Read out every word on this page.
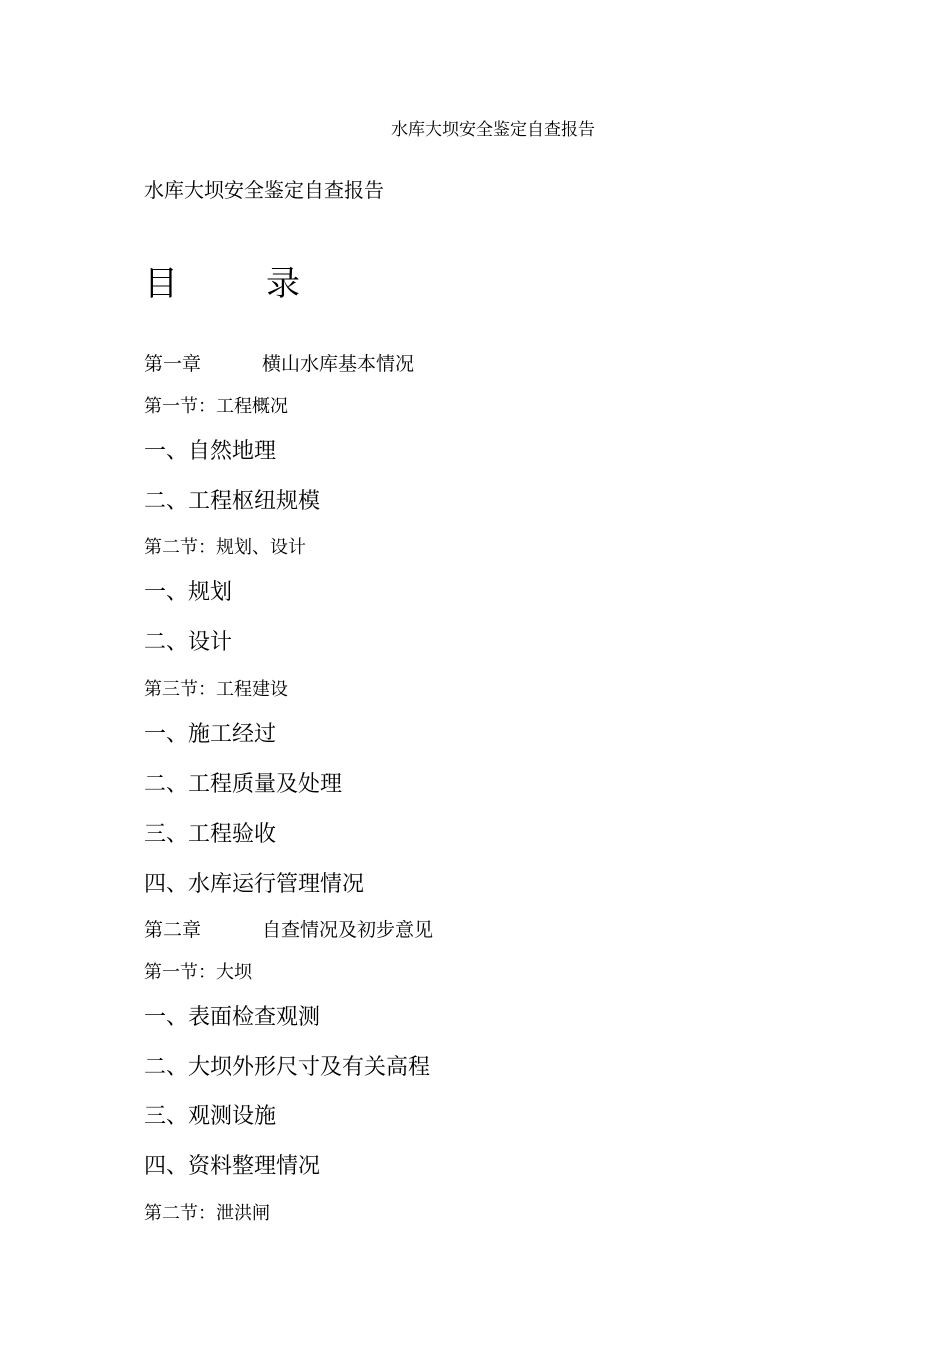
水库大坝安全鉴定自查报告
水库大坝安全鉴定自查报告
目	录
第一章	横山水库基本情况
第一节：工程概况
一、自然地理
二、工程枢纽规模
第二节：规划、设计
一、规划
二、设计
第三节：工程建设
一、施工经过
二、工程质量及处理
三、工程验收
四、水库运行管理情况
第二章	自查情况及初步意见
第一节：大坝
一、表面检查观测
二、大坝外形尺寸及有关高程
三、观测设施
四、资料整理情况
第二节：泄洪闸
